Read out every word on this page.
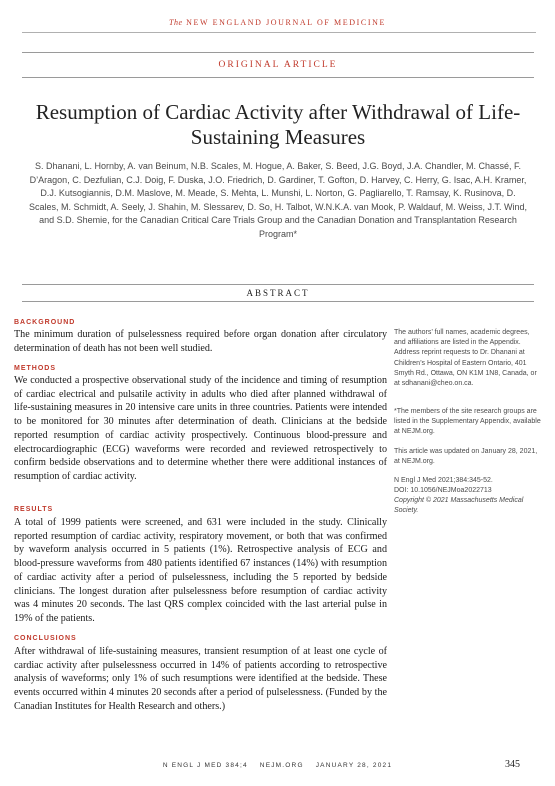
The NEW ENGLAND JOURNAL OF MEDICINE
ORIGINAL ARTICLE
Resumption of Cardiac Activity after Withdrawal of Life-Sustaining Measures
S. Dhanani, L. Hornby, A. van Beinum, N.B. Scales, M. Hogue, A. Baker, S. Beed, J.G. Boyd, J.A. Chandler, M. Chassé, F. D’Aragon, C. Dezfulian, C.J. Doig, F. Duska, J.O. Friedrich, D. Gardiner, T. Gofton, D. Harvey, C. Herry, G. Isac, A.H. Kramer, D.J. Kutsogiannis, D.M. Maslove, M. Meade, S. Mehta, L. Munshi, L. Norton, G. Pagliarello, T. Ramsay, K. Rusinova, D. Scales, M. Schmidt, A. Seely, J. Shahin, M. Slessarev, D. So, H. Talbot, W.N.K.A. van Mook, P. Waldauf, M. Weiss, J.T. Wind, and S.D. Shemie, for the Canadian Critical Care Trials Group and the Canadian Donation and Transplantation Research Program*
ABSTRACT
BACKGROUND
The minimum duration of pulselessness required before organ donation after circulatory determination of death has not been well studied.
METHODS
We conducted a prospective observational study of the incidence and timing of resumption of cardiac electrical and pulsatile activity in adults who died after planned withdrawal of life-sustaining measures in 20 intensive care units in three countries. Patients were intended to be monitored for 30 minutes after determination of death. Clinicians at the bedside reported resumption of cardiac activity prospectively. Continuous blood-pressure and electrocardiographic (ECG) waveforms were recorded and reviewed retrospectively to confirm bedside observations and to determine whether there were additional instances of resumption of cardiac activity.
RESULTS
A total of 1999 patients were screened, and 631 were included in the study. Clinically reported resumption of cardiac activity, respiratory movement, or both that was confirmed by waveform analysis occurred in 5 patients (1%). Retrospective analysis of ECG and blood-pressure waveforms from 480 patients identified 67 instances (14%) with resumption of cardiac activity after a period of pulselessness, including the 5 reported by bedside clinicians. The longest duration after pulselessness before resumption of cardiac activity was 4 minutes 20 seconds. The last QRS complex coincided with the last arterial pulse in 19% of the patients.
CONCLUSIONS
After withdrawal of life-sustaining measures, transient resumption of at least one cycle of cardiac activity after pulselessness occurred in 14% of patients according to retrospective analysis of waveforms; only 1% of such resumptions were identified at the bedside. These events occurred within 4 minutes 20 seconds after a period of pulselessness. (Funded by the Canadian Institutes for Health Research and others.)
The authors’ full names, academic degrees, and affiliations are listed in the Appendix. Address reprint requests to Dr. Dhanani at Children’s Hospital of Eastern Ontario, 401 Smyth Rd., Ottawa, ON K1M 1N8, Canada, or at sdhanani@cheo.on.ca.
*The members of the site research groups are listed in the Supplementary Appendix, available at NEJM.org.
This article was updated on January 28, 2021, at NEJM.org.
N Engl J Med 2021;384:345-52.
DOI: 10.1056/NEJMoa2022713
Copyright © 2021 Massachusetts Medical Society.
N ENGL J MED 384;4    NEJM.ORG    JANUARY 28, 2021	345
